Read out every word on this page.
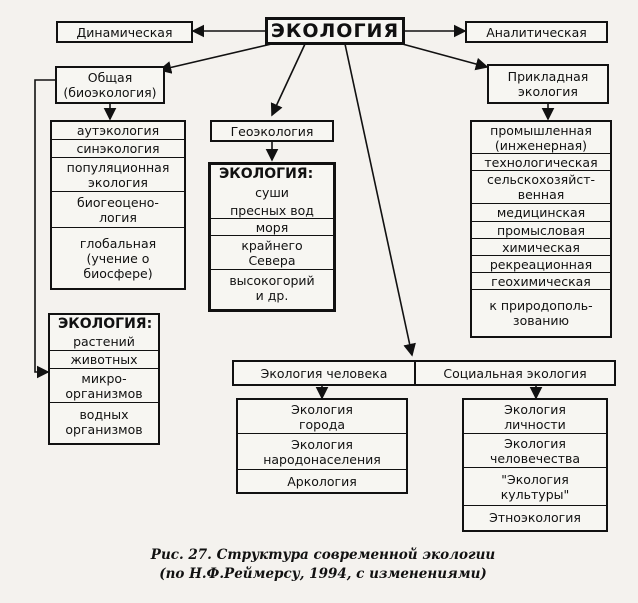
ЭКОЛОГИЯ
Динамическая	Аналитическая
Общая
(биоэкология)
аутэкология
синэкология
популяционная
экология
биогеоцено-
логия
глобальная
(учение о
биосфере)
ЭКОЛОГИЯ:
растений
животных
микро-
организмов
водных
организмов
Геоэкология
ЭКОЛОГИЯ:
суши
пресных вод
моря
крайнего
Севера
высокогорий
и др.
Прикладная
экология
промышленная
(инженерная)
технологическая
сельскохозяйст-
венная
медицинская
промысловая
химическая
рекреационная
геохимическая
к природополь-
зованию
Экология человека	Социальная экология
Экология
города
Экология
народонаселения
Аркология
Экология
личности
Экология
человечества
"Экология
культуры"
Этноэкология
Рис. 27. Структура современной экологии
(по Н.Ф.Реймерсу, 1994, с изменениями)
